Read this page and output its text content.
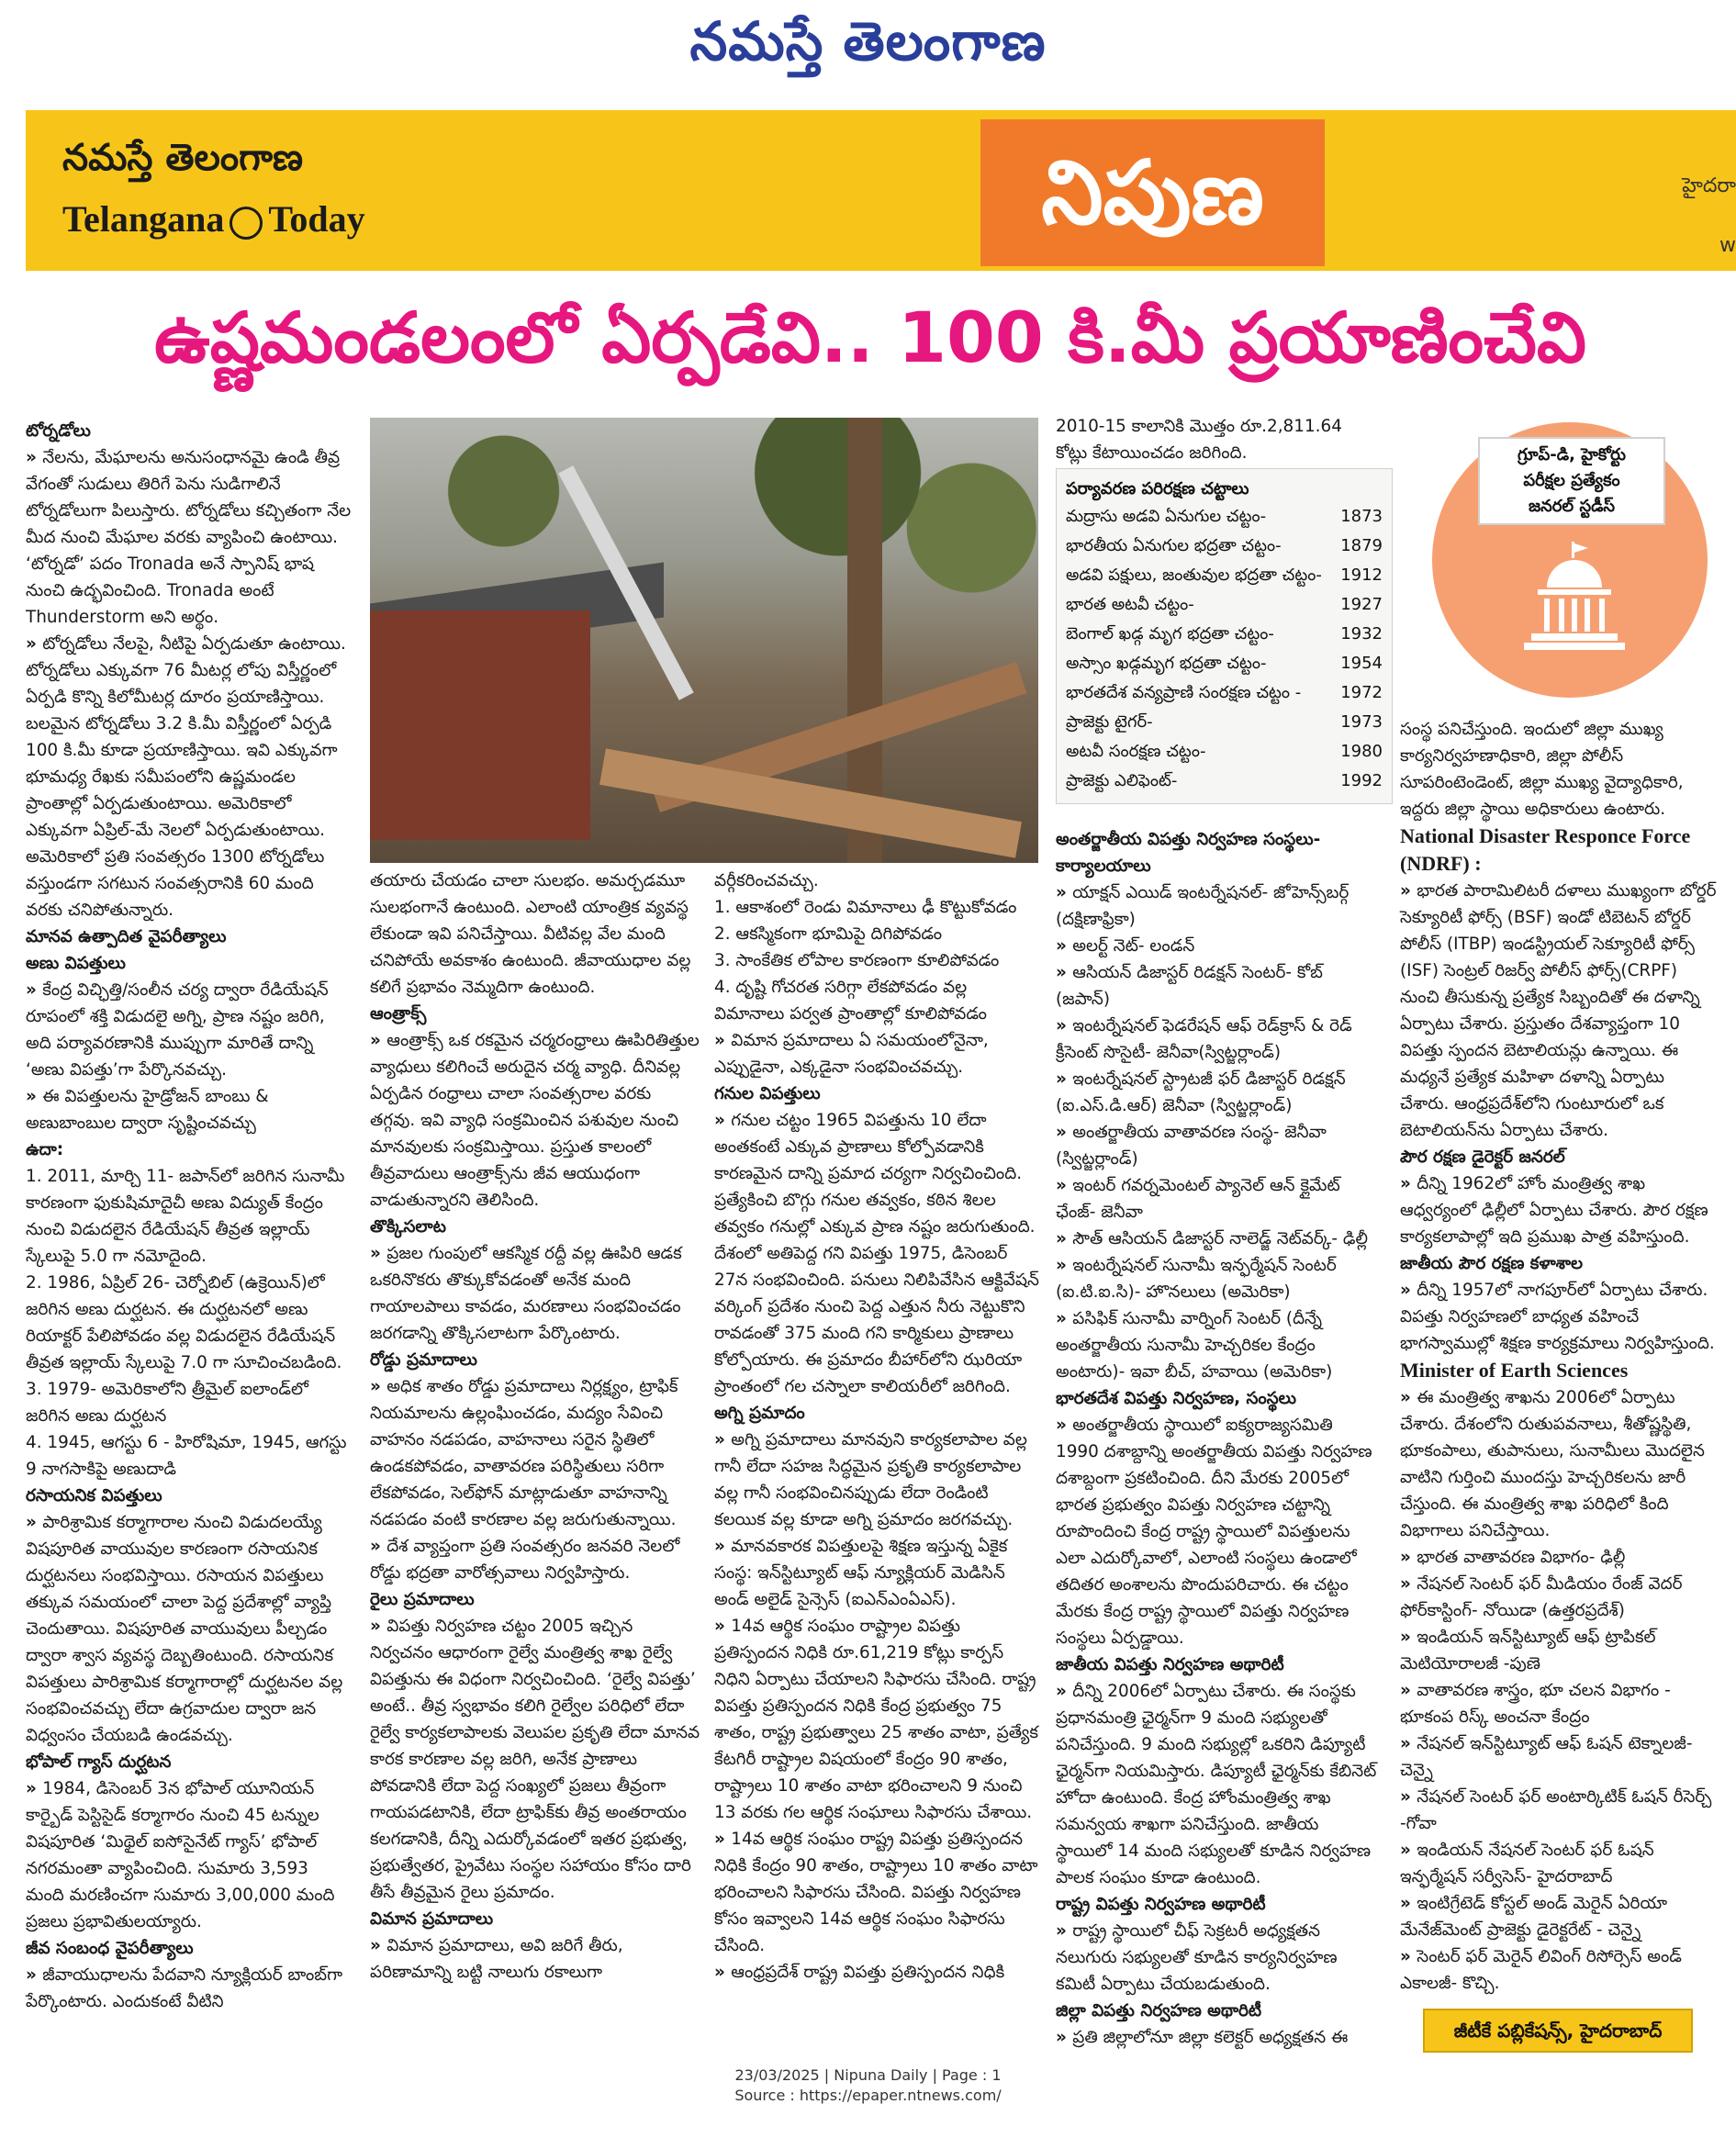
నమస్తే తెలంగాణ
నమస్తే తెలంగాణ
Telangana Today	నిపుణ	హైదరా
w
ఉష్ణమండలంలో ఏర్పడేవి.. 100 కి.మీ ప్రయాణించేవి

టోర్నడోలు

» నేలను, మేఘాలను అనుసంధానమై ఉండి తీవ్ర వేగంతో సుడులు తిరిగే పెను సుడిగాలినే టోర్నడోలుగా పిలుస్తారు. టోర్నడోలు కచ్చితంగా నేల మీద నుంచి మేఘాల వరకు వ్యాపించి ఉంటాయి. ‘టోర్నడో’ పదం Tronada అనే స్పానిష్ భాష నుంచి ఉద్భవించింది. Tronada అంటే Thunderstorm అని అర్థం.

» టోర్నడోలు నేలపై, నీటిపై ఏర్పడుతూ ఉంటాయి. టోర్నడోలు ఎక్కువగా 76 మీటర్ల లోపు విస్తీర్ణంలో ఏర్పడి కొన్ని కిలోమీటర్ల దూరం ప్రయాణిస్తాయి. బలమైన టోర్నడోలు 3.2 కి.మీ విస్తీర్ణంలో ఏర్పడి 100 కి.మీ కూడా ప్రయాణిస్తాయి. ఇవి ఎక్కువగా భూమధ్య రేఖకు సమీపంలోని ఉష్ణమండల ప్రాంతాల్లో ఏర్పడుతుంటాయి. అమెరికాలో ఎక్కువగా ఏప్రిల్-మే నెలలో ఏర్పడుతుంటాయి. అమెరికాలో ప్రతి సంవత్సరం 1300 టోర్నడోలు వస్తుండగా సగటున సంవత్సరానికి 60 మంది వరకు చనిపోతున్నారు.

మానవ ఉత్పాదిత వైపరీత్యాలు

అణు విపత్తులు

» కేంద్ర విచ్ఛిత్తి/సంలీన చర్య ద్వారా రేడియేషన్ రూపంలో శక్తి విడుదలై అగ్ని, ప్రాణ నష్టం జరిగి, అది పర్యావరణానికి ముప్పుగా మారితే దాన్ని ‘అణు విపత్తు’గా పేర్కొనవచ్చు.

» ఈ విపత్తులను హైడ్రోజన్ బాంబు & అణుబాంబుల ద్వారా సృష్టించవచ్చు

ఉదా:

1. 2011, మార్చి 11- జపాన్‌లో జరిగిన సునామీ కారణంగా ఫుకుషిమాదైచీ అణు విద్యుత్ కేంద్రం నుంచి విడుదలైన రేడియేషన్ తీవ్రత ఇల్లాయ్ స్కేలుపై 5.0 గా నమోదైంది.

2. 1986, ఏప్రిల్ 26- చెర్నోబిల్ (ఉక్రెయిన్)లో జరిగిన అణు దుర్ఘటన. ఈ దుర్ఘటనలో అణు రియాక్టర్ పేలిపోవడం వల్ల విడుదలైన రేడియేషన్ తీవ్రత ఇల్లాయ్ స్కేలుపై 7.0 గా సూచించబడింది.

3. 1979- అమెరికాలోని త్రీమైల్ ఐలాండ్‌లో జరిగిన అణు దుర్ఘటన

4. 1945, ఆగస్టు 6 - హిరోషిమా, 1945, ఆగస్టు 9 నాగసాకిపై అణుదాడి

రసాయనిక విపత్తులు

» పారిశ్రామిక కర్మాగారాల నుంచి విడుదలయ్యే విషపూరిత వాయువుల కారణంగా రసాయనిక దుర్ఘటనలు సంభవిస్తాయి. రసాయన విపత్తులు తక్కువ సమయంలో చాలా పెద్ద ప్రదేశాల్లో వ్యాప్తి చెందుతాయి. విషపూరిత వాయువులు పీల్చడం ద్వారా శ్వాస వ్యవస్థ దెబ్బతింటుంది. రసాయనిక విపత్తులు పారిశ్రామిక కర్మాగారాల్లో దుర్ఘటనల వల్ల సంభవించవచ్చు లేదా ఉగ్రవాదుల ద్వారా జన విధ్వంసం చేయబడి ఉండవచ్చు.

భోపాల్ గ్యాస్ దుర్ఘటన

» 1984, డిసెంబర్ 3న భోపాల్ యూనియన్ కార్బైడ్ పెస్టిసైడ్ కర్మాగారం నుంచి 45 టన్నుల విషపూరిత ‘మిథైల్ ఐసోసైనేట్ గ్యాస్’ భోపాల్ నగరమంతా వ్యాపించింది. సుమారు 3,593 మంది మరణించగా సుమారు 3,00,000 మంది ప్రజలు ప్రభావితులయ్యారు.

జీవ సంబంధ వైపరీత్యాలు

» జీవాయుధాలను పేదవాని న్యూక్లియర్ బాంబ్‌గా పేర్కొంటారు. ఎందుకంటే వీటిని

తయారు చేయడం చాలా సులభం. అమర్చడమూ సులభంగానే ఉంటుంది. ఎలాంటి యాంత్రిక వ్యవస్థ లేకుండా ఇవి పనిచేస్తాయి. వీటివల్ల వేల మంది చనిపోయే అవకాశం ఉంటుంది. జీవాయుధాల వల్ల కలిగే ప్రభావం నెమ్మదిగా ఉంటుంది.

ఆంత్రాక్స్

» ఆంత్రాక్స్ ఒక రకమైన చర్మరంధ్రాలు ఊపిరితిత్తుల వ్యాధులు కలిగించే అరుదైన చర్మ వ్యాధి. దీనివల్ల ఏర్పడిన రంధ్రాలు చాలా సంవత్సరాల వరకు తగ్గవు. ఇవి వ్యాధి సంక్రమించిన పశువుల నుంచి మానవులకు సంక్రమిస్తాయి. ప్రస్తుత కాలంలో తీవ్రవాదులు ఆంత్రాక్స్‌ను జీవ ఆయుధంగా వాడుతున్నారని తెలిసింది.

తొక్కిసలాట

» ప్రజల గుంపులో ఆకస్మిక రద్దీ వల్ల ఊపిరి ఆడక ఒకరినొకరు తొక్కుకోవడంతో అనేక మంది గాయాలపాలు కావడం, మరణాలు సంభవించడం జరగడాన్ని తొక్కిసలాటగా పేర్కొంటారు.

రోడ్డు ప్రమాదాలు

» అధిక శాతం రోడ్డు ప్రమాదాలు నిర్లక్ష్యం, ట్రాఫిక్ నియమాలను ఉల్లంఘించడం, మద్యం సేవించి వాహనం నడపడం, వాహనాలు సరైన స్థితిలో ఉండకపోవడం, వాతావరణ పరిస్థితులు సరిగా లేకపోవడం, సెల్‌ఫోన్ మాట్లాడుతూ వాహనాన్ని నడపడం వంటి కారణాల వల్ల జరుగుతున్నాయి.

» దేశ వ్యాప్తంగా ప్రతి సంవత్సరం జనవరి నెలలో రోడ్డు భద్రతా వారోత్సవాలు నిర్వహిస్తారు.

రైలు ప్రమాదాలు

» విపత్తు నిర్వహణ చట్టం 2005 ఇచ్చిన నిర్వచనం ఆధారంగా రైల్వే మంత్రిత్వ శాఖ రైల్వే విపత్తును ఈ విధంగా నిర్వచించింది. ‘రైల్వే విపత్తు’ అంటే.. తీవ్ర స్వభావం కలిగి రైల్వేల పరిధిలో లేదా రైల్వే కార్యకలాపాలకు వెలుపల ప్రకృతి లేదా మానవ కారక కారణాల వల్ల జరిగి, అనేక ప్రాణాలు పోవడానికి లేదా పెద్ద సంఖ్యలో ప్రజలు తీవ్రంగా గాయపడటానికి, లేదా ట్రాఫిక్‌కు తీవ్ర అంతరాయం కలగడానికి, దీన్ని ఎదుర్కోవడంలో ఇతర ప్రభుత్వ, ప్రభుత్వేతర, ప్రైవేటు సంస్థల సహాయం కోసం దారి తీసే తీవ్రమైన రైలు ప్రమాదం.

విమాన ప్రమాదాలు

» విమాన ప్రమాదాలు, అవి జరిగే తీరు, పరిణామాన్ని బట్టి నాలుగు రకాలుగా

వర్గీకరించవచ్చు.

1. ఆకాశంలో రెండు విమానాలు ఢీ కొట్టుకోవడం

2. ఆకస్మికంగా భూమిపై దిగిపోవడం

3. సాంకేతిక లోపాల కారణంగా కూలిపోవడం

4. దృష్టి గోచరత సరిగ్గా లేకపోవడం వల్ల విమానాలు పర్వత ప్రాంతాల్లో కూలిపోవడం

» విమాన ప్రమాదాలు ఏ సమయంలోనైనా, ఎప్పుడైనా, ఎక్కడైనా సంభవించవచ్చు.

గనుల విపత్తులు

» గనుల చట్టం 1965 విపత్తును 10 లేదా అంతకంటే ఎక్కువ ప్రాణాలు కోల్పోవడానికి కారణమైన దాన్ని ప్రమాద చర్యగా నిర్వచించింది. ప్రత్యేకించి బొగ్గు గనుల తవ్వకం, కఠిన శిలల తవ్వకం గనుల్లో ఎక్కువ ప్రాణ నష్టం జరుగుతుంది. దేశంలో అతిపెద్ద గని విపత్తు 1975, డిసెంబర్ 27న సంభవించింది. పనులు నిలిపివేసిన ఆక్టివేషన్ వర్కింగ్ ప్రదేశం నుంచి పెద్ద ఎత్తున నీరు నెట్టుకొని రావడంతో 375 మంది గని కార్మికులు ప్రాణాలు కోల్పోయారు. ఈ ప్రమాదం బీహార్‌లోని ఝరియా ప్రాంతంలో గల చస్నాలా కాలియరీలో జరిగింది.

అగ్ని ప్రమాదం

» అగ్ని ప్రమాదాలు మానవుని కార్యకలాపాల వల్ల గానీ లేదా సహజ సిద్ధమైన ప్రకృతి కార్యకలాపాల వల్ల గానీ సంభవించినప్పుడు లేదా రెండింటి కలయిక వల్ల కూడా అగ్ని ప్రమాదం జరగవచ్చు.

» మానవకారక విపత్తులపై శిక్షణ ఇస్తున్న ఏకైక సంస్థ: ఇన్‌స్టిట్యూట్ ఆఫ్ న్యూక్లియర్ మెడిసిన్ అండ్ అలైడ్ సైన్సెస్ (ఐఎన్ఎంఏఎస్).

» 14వ ఆర్థిక సంఘం రాష్ట్రాల విపత్తు ప్రతిస్పందన నిధికి రూ.61,219 కోట్లు కార్పస్ నిధిని ఏర్పాటు చేయాలని సిఫారసు చేసింది. రాష్ట్ర విపత్తు ప్రతిస్పందన నిధికి కేంద్ర ప్రభుత్వం 75 శాతం, రాష్ట్ర ప్రభుత్వాలు 25 శాతం వాటా, ప్రత్యేక కేటగిరీ రాష్ట్రాల విషయంలో కేంద్రం 90 శాతం, రాష్ట్రాలు 10 శాతం వాటా భరించాలని 9 నుంచి 13 వరకు గల ఆర్థిక సంఘాలు సిఫారసు చేశాయి.

» 14వ ఆర్థిక సంఘం రాష్ట్ర విపత్తు ప్రతిస్పందన నిధికి కేంద్రం 90 శాతం, రాష్ట్రాలు 10 శాతం వాటా భరించాలని సిఫారసు చేసింది. విపత్తు నిర్వహణ కోసం ఇవ్వాలని 14వ ఆర్థిక సంఘం సిఫారసు చేసింది.

» ఆంధ్రప్రదేశ్ రాష్ట్ర విపత్తు ప్రతిస్పందన నిధికి

2010-15 కాలానికి మొత్తం రూ.2,811.64 కోట్లు కేటాయించడం జరిగింది.

పర్యావరణ పరిరక్షణ చట్టాలు
మద్రాసు అడవి ఏనుగుల చట్టం-	1873
భారతీయ ఏనుగుల భద్రతా చట్టం-	1879
అడవి పక్షులు, జంతువుల భద్రతా చట్టం- 1912
భారత అటవీ చట్టం-	1927
బెంగాల్ ఖడ్గ మృగ భద్రతా చట్టం-	1932
అస్సాం ఖడ్గమృగ భద్రతా చట్టం-	1954
భారతదేశ వన్యప్రాణి సంరక్షణ చట్టం - 1972
ప్రాజెక్టు టైగర్-	1973
అటవీ సంరక్షణ చట్టం-	1980
ప్రాజెక్టు ఎలిఫెంట్-	1992

అంతర్జాతీయ విపత్తు నిర్వహణ సంస్థలు- కార్యాలయాలు

» యాక్షన్ ఎయిడ్ ఇంటర్నేషనల్- జోహెన్స్‌బర్గ్ (దక్షిణాఫ్రికా)

» అలర్ట్ నెట్- లండన్

» ఆసియన్ డిజాస్టర్ రిడక్షన్ సెంటర్- కోబ్ (జపాన్)

» ఇంటర్నేషనల్ ఫెడరేషన్ ఆఫ్ రెడ్‌క్రాస్ & రెడ్ క్రీసెంట్ సొసైటీ- జెనీవా(స్విట్జర్లాండ్)

» ఇంటర్నేషనల్ స్ట్రాటజీ ఫర్ డిజాస్టర్ రిడక్షన్ (ఐ.ఎస్.డి.ఆర్) జెనీవా (స్విట్జర్లాండ్)

» అంతర్జాతీయ వాతావరణ సంస్థ- జెనీవా (స్విట్జర్లాండ్)

» ఇంటర్ గవర్నమెంటల్ ప్యానెల్ ఆన్ క్లైమేట్ ఛేంజ్- జెనీవా

» సౌత్ ఆసియన్ డిజాస్టర్ నాలెడ్జ్ నెట్‌వర్క్- ఢిల్లీ

» ఇంటర్నేషనల్ సునామీ ఇన్ఫర్మేషన్ సెంటర్ (ఐ.టి.ఐ.సి)- హొనలులు (అమెరికా)

» పసిఫిక్ సునామీ వార్నింగ్ సెంటర్ (దీన్నే అంతర్జాతీయ సునామీ హెచ్చరికల కేంద్రం అంటారు)- ఇవా బీచ్, హవాయి (అమెరికా)

భారతదేశ విపత్తు నిర్వహణ, సంస్థలు

» అంతర్జాతీయ స్థాయిలో ఐక్యరాజ్యసమితి 1990 దశాబ్దాన్ని అంతర్జాతీయ విపత్తు నిర్వహణ దశాబ్దంగా ప్రకటించింది. దీని మేరకు 2005లో భారత ప్రభుత్వం విపత్తు నిర్వహణ చట్టాన్ని రూపొందించి కేంద్ర రాష్ట్ర స్థాయిలో విపత్తులను ఎలా ఎదుర్కోవాలో, ఎలాంటి సంస్థలు ఉండాలో తదితర అంశాలను పొందుపరిచారు. ఈ చట్టం మేరకు కేంద్ర రాష్ట్ర స్థాయిలో విపత్తు నిర్వహణ సంస్థలు ఏర్పడ్డాయి.

జాతీయ విపత్తు నిర్వహణ అథారిటీ

» దీన్ని 2006లో ఏర్పాటు చేశారు. ఈ సంస్థకు ప్రధానమంత్రి ఛైర్మన్‌గా 9 మంది సభ్యులతో పనిచేస్తుంది. 9 మంది సభ్యుల్లో ఒకరిని డిప్యూటీ ఛైర్మన్‌గా నియమిస్తారు. డిప్యూటీ ఛైర్మన్‌కు కేబినెట్ హోదా ఉంటుంది. కేంద్ర హోంమంత్రిత్వ శాఖ సమన్వయ శాఖగా పనిచేస్తుంది. జాతీయ స్థాయిలో 14 మంది సభ్యులతో కూడిన నిర్వహణ పాలక సంఘం కూడా ఉంటుంది.

రాష్ట్ర విపత్తు నిర్వహణ అథారిటీ

» రాష్ట్ర స్థాయిలో చీఫ్ సెక్రటరీ అధ్యక్షతన నలుగురు సభ్యులతో కూడిన కార్యనిర్వహణ కమిటీ ఏర్పాటు చేయబడుతుంది.

జిల్లా విపత్తు నిర్వహణ అథారిటీ

» ప్రతి జిల్లాలోనూ జిల్లా కలెక్టర్ అధ్యక్షతన ఈ

గ్రూప్-డి, హైకోర్టు
పరీక్షల ప్రత్యేకం
జనరల్ స్టడీస్

సంస్థ పనిచేస్తుంది. ఇందులో జిల్లా ముఖ్య కార్యనిర్వహణాధికారి, జిల్లా పోలీస్ సూపరింటెండెంట్, జిల్లా ముఖ్య వైద్యాధికారి, ఇద్దరు జిల్లా స్థాయి అధికారులు ఉంటారు.

National Disaster Responce Force (NDRF) :

» భారత పారామిలిటరీ దళాలు ముఖ్యంగా బోర్డర్ సెక్యూరిటీ ఫోర్స్ (BSF) ఇండో టిబెటన్ బోర్డర్ పోలీస్ (ITBP) ఇండస్ట్రియల్ సెక్యూరిటీ ఫోర్స్ (ISF) సెంట్రల్ రిజర్వ్ పోలీస్ ఫోర్స్(CRPF) నుంచి తీసుకున్న ప్రత్యేక సిబ్బందితో ఈ దళాన్ని ఏర్పాటు చేశారు. ప్రస్తుతం దేశవ్యాప్తంగా 10 విపత్తు స్పందన బెటాలియన్లు ఉన్నాయి. ఈ మధ్యనే ప్రత్యేక మహిళా దళాన్ని ఏర్పాటు చేశారు. ఆంధ్రప్రదేశ్‌లోని గుంటూరులో ఒక బెటాలియన్‌ను ఏర్పాటు చేశారు.

పౌర రక్షణ డైరెక్టర్ జనరల్

» దీన్ని 1962లో హోం మంత్రిత్వ శాఖ ఆధ్వర్యంలో ఢిల్లీలో ఏర్పాటు చేశారు. పౌర రక్షణ కార్యకలాపాల్లో ఇది ప్రముఖ పాత్ర వహిస్తుంది.

జాతీయ పౌర రక్షణ కళాశాల

» దీన్ని 1957లో నాగపూర్‌లో ఏర్పాటు చేశారు. విపత్తు నిర్వహణలో బాధ్యత వహించే భాగస్వాముల్లో శిక్షణ కార్యక్రమాలు నిర్వహిస్తుంది.

Minister of Earth Sciences

» ఈ మంత్రిత్వ శాఖను 2006లో ఏర్పాటు చేశారు. దేశంలోని రుతుపవనాలు, శీతోష్ణస్థితి, భూకంపాలు, తుపానులు, సునామీలు మొదలైన వాటిని గుర్తించి ముందస్తు హెచ్చరికలను జారీ చేస్తుంది. ఈ మంత్రిత్వ శాఖ పరిధిలో కింది విభాగాలు పనిచేస్తాయి.

» భారత వాతావరణ విభాగం- ఢిల్లీ

» నేషనల్ సెంటర్ ఫర్ మీడియం రేంజ్ వెదర్ ఫోర్‌కాస్టింగ్- నోయిడా (ఉత్తరప్రదేశ్)

» ఇండియన్ ఇన్‌స్టిట్యూట్ ఆఫ్ ట్రాపికల్ మెటియోరాలజీ -పుణె

» వాతావరణ శాస్త్రం, భూ చలన విభాగం - భూకంప రిస్క్ అంచనా కేంద్రం

» నేషనల్ ఇన్‌స్టిట్యూట్ ఆఫ్ ఓషన్ టెక్నాలజీ- చెన్నై

» నేషనల్ సెంటర్ ఫర్ అంటార్కిటిక్ ఓషన్ రీసెర్చ్ -గోవా

» ఇండియన్ నేషనల్ సెంటర్ ఫర్ ఓషన్ ఇన్ఫర్మేషన్ సర్వీసెస్- హైదరాబాద్

» ఇంటిగ్రేటెడ్ కోస్టల్ అండ్ మెరైన్ ఏరియా మేనేజ్‌మెంట్ ప్రాజెక్టు డైరెక్టరేట్ - చెన్నై

» సెంటర్ ఫర్ మెరైన్ లివింగ్ రిసోర్సెస్ అండ్ ఎకాలజీ- కొచ్చి.

జీటీకే పబ్లికేషన్స్, హైదరాబాద్
23/03/2025 | Nipuna Daily | Page : 1
Source : https://epaper.ntnews.com/
